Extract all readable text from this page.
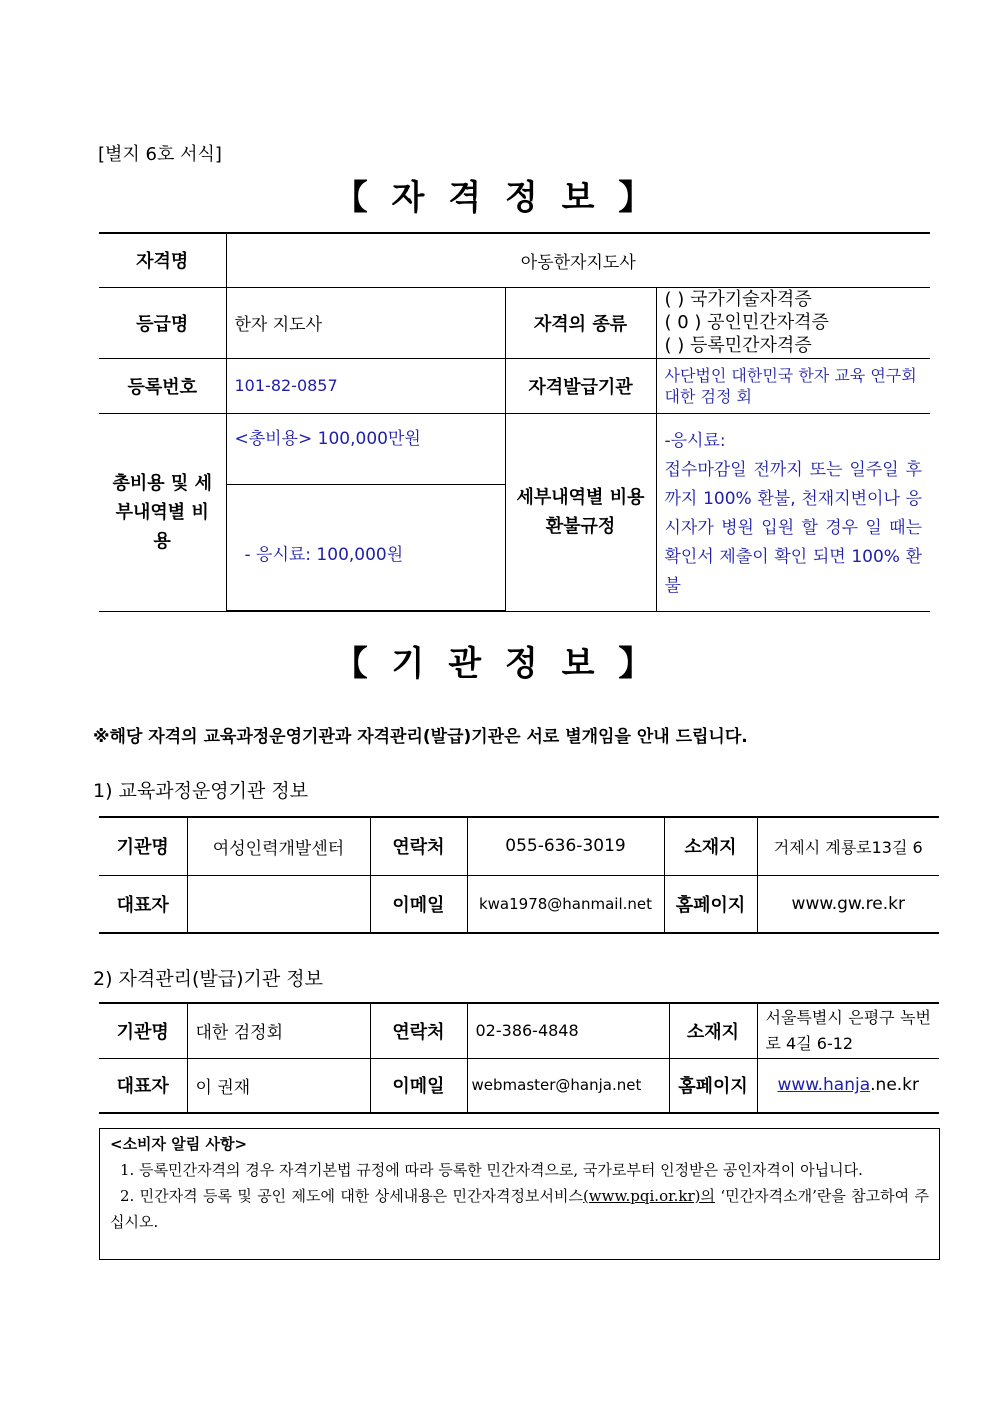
[별지 6호 서식]
【 자 격 정 보 】
자격명	아동한자지도사		
등급명	한자 지도사	자격의 종류	( ) 국가기술자격증
( 0 ) 공인민간자격증
( ) 등록민간자격증

등록번호	101-82-0857	자격발급기관	사단법인 대한민국 한자 교육 연구회 대한 검정 회
총비용 및 세부내역별 비용	<총비용> 100,000만원	세부내역별 비용 환불규정	-응시료:
접수마감일 전까지 또는 일주일 후 까지 100% 환불, 천재지변이나 응시자가 병원 입원 할 경우 일 때는 확인서 제출이 확인 되면 100% 환불

	- 응시료: 100,000원		
【 기 관 정 보 】
※해당 자격의 교육과정운영기관과 자격관리(발급)기관은 서로 별개임을 안내 드립니다.
1) 교육과정운영기관 정보
기관명	여성인력개발센터	연락처	055-636-3019	소재지	거제시 계룡로13길 6
대표자		이메일	kwa1978@hanmail.net	홈페이지	www.gw.re.kr
2) 자격관리(발급)기관 정보
기관명	대한 검정회	연락처	02-386-4848	소재지	서울특별시 은평구 녹번로 4길 6-12
대표자	이 권재	이메일	webmaster@hanja.net	홈페이지	www.hanja.ne.kr

<소비자 알림 사항>

1. 등록민간자격의 경우 자격기본법 규정에 따라 등록한 민간자격으로, 국가로부터 인정받은 공인자격이 아닙니다.

2. 민간자격 등록 및 공인 제도에 대한 상세내용은 민간자격정보서비스(www.pqi.or.kr)의 ‘민간자격소개’란을 참고하여 주십시오.
